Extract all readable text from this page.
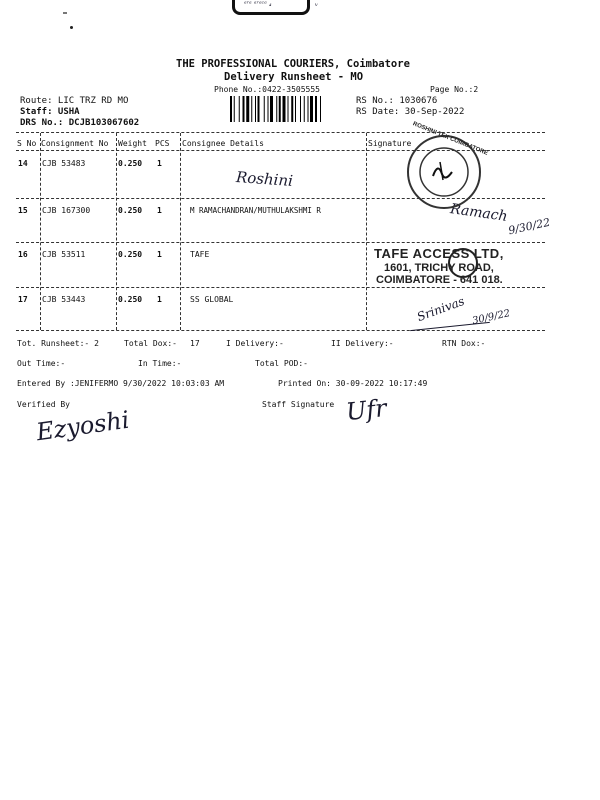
ᵃʳᵃ ᵃʳᵃᶜᵃ 𝓈	ᵛ
THE PROFESSIONAL COURIERS, Coimbatore
Delivery Runsheet - MO
Phone No.:0422-3505555	Page No.:2
Route: LIC TRZ RD MO
Staff: USHA
DRS No.: DCJB103067602
RS No.: 1030676
RS Date: 30-Sep-2022
S No Consignment No Weight PCS Consignee Details	Signature
14 CJB 53483	0.250 1
15 CJB 167300	0.250 1	M RAMACHANDRAN/MUTHULAKSHMI R
16 CJB 53511	0.250 1	TAFE
17 CJB 53443	0.250 1	SS GLOBAL
Roshini
Ramach
9/30/22
Srinivas 30/9/22
ROSHINI TEX COIMBATORE
TAFE ACCESS LTD,
1601, TRICHY ROAD,
COIMBATORE - 641 018.
Tot. Runsheet:- 2	Total Dox:- 17	I Delivery:-	II Delivery:-	RTN Dox:-
Out Time:-	In Time:-	Total POD:-
Entered By :JENIFERMO 9/30/2022 10:03:03 AM	Printed On: 30-09-2022 10:17:49
Verified By	Staff Signature
Ezyoshi	Ufr
